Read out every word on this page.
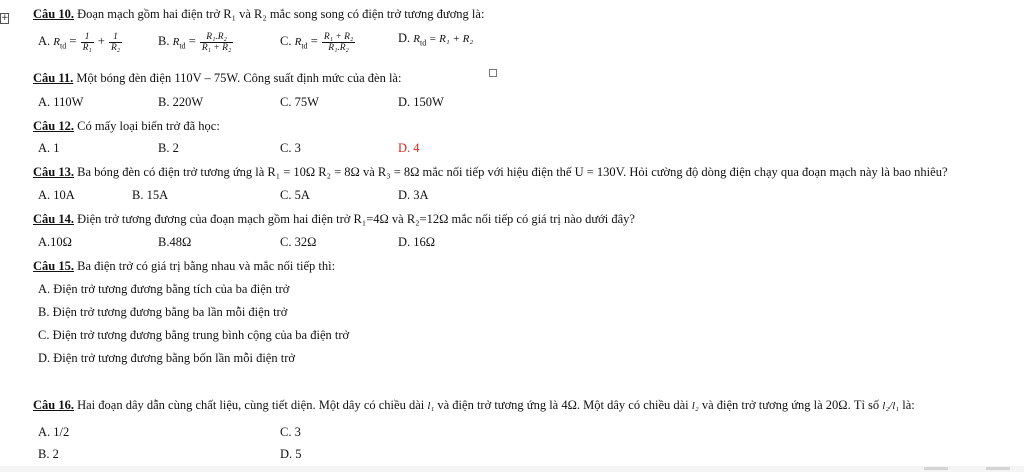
+ Câu 10. Đoạn mạch gồm hai điện trở R₁ và R₂ mắc song song có điện trở tương đương là:
A. $R_{td} = \frac{1}{\text{R₁}} + \frac{1}{\text{R₂}}$	B. $R_{td} = \frac{\text{R₁.R₂}}{\text{R₁ + R₂}}$	C. $R_{td} = \frac{\text{R₁ + R₂}}{\text{R₁.R₂}}$	D. $R_{td} = R_1 + R_2$
Câu 11. Một bóng đèn điện 110V – 75W. Công suất định mức của đèn là:
A. 110W	B. 220W	C. 75W	D. 150W
Câu 12. Có mấy loại biến trở đã học:
A. 1	B. 2	C. 3	D. 4
Câu 13. Ba bóng đèn có điện trở tương ứng là R₁ = 10Ω R₂ = 8Ω và R₃ = 8Ω mắc nối tiếp với hiệu điện thế U = 130V. Hỏi cường độ dòng điện chạy qua đoạn mạch này là bao nhiêu?
A. 10A	B. 15A	C. 5A	D. 3A
Câu 14. Điện trở tương đương của đoạn mạch gồm hai điện trở R₁=4Ω và R₂=12Ω mắc nối tiếp có giá trị nào dưới đây?
A.10Ω	B.48Ω	C. 32Ω	D. 16Ω
Câu 15. Ba điện trở có giá trị bằng nhau và mắc nối tiếp thì:
A. Điện trở tương đương bằng tích của ba điện trở
B. Điện trở tương đương bằng ba lần mỗi điện trở
C. Điện trở tương đương bằng trung bình cộng của ba điện trở
D. Điện trở tương đương bằng bốn lần mỗi điện trở
Câu 16. Hai đoạn dây dẫn cùng chất liệu, cùng tiết diện. Một dây có chiều dài l₁ và điện trở tương ứng là 4Ω. Một dây có chiều dài l₂ và điện trở tương ứng là 20Ω. Tỉ số l₂/l₁ là:
A. 1/2	C. 3
B. 2	D. 5
